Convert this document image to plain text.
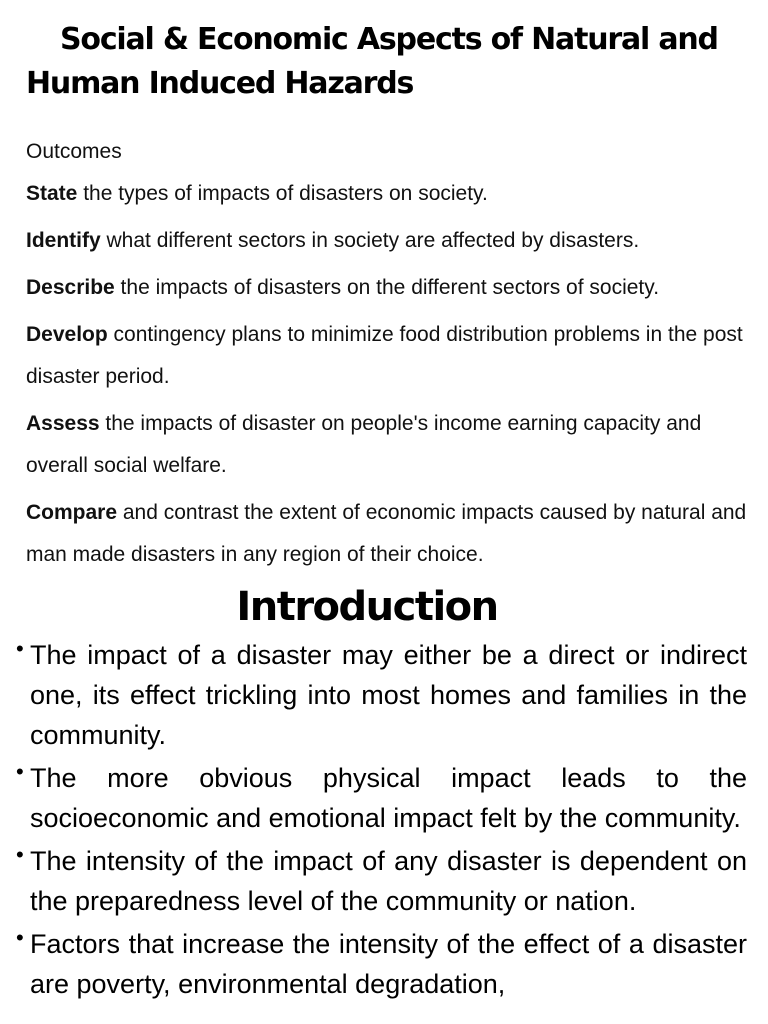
Social & Economic Aspects of Natural and
Human Induced Hazards
Outcomes
State the types of impacts of disasters on society.
Identify what different sectors in society are affected by disasters.
Describe the impacts of disasters on the different sectors of society.
Develop contingency plans to minimize food distribution problems in the post disaster period.
Assess the impacts of disaster on people's income earning capacity and overall social welfare.
Compare and contrast the extent of economic impacts caused by natural and man made disasters in any region of their choice.
Introduction
• The impact of a disaster may either be a direct or indirect one, its effect trickling into most homes and families in the community.
• The more obvious physical impact leads to the socioeconomic and emotional impact felt by the community.
• The intensity of the impact of any disaster is dependent on the preparedness level of the community or nation.
• Factors that increase the intensity of the effect of a disaster are poverty, environmental degradation,
